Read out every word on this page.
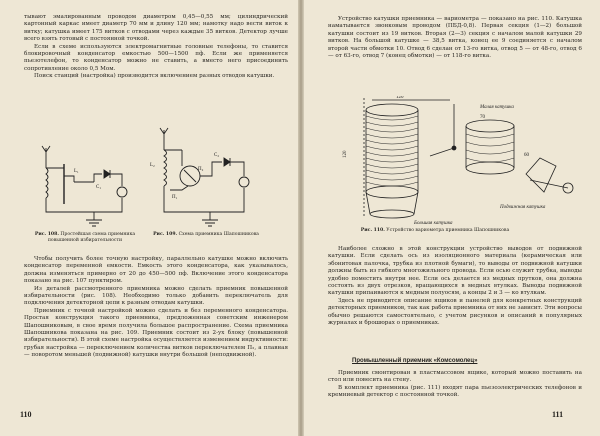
тывают эмалированным проводом диаметром 0,45—0,55 мм; цилиндрический картонный каркас имеет диаметр 70 мм и длину 120 мм; намотку надо вести виток к витку; катушка имеет 175 витков с отводами через каждые 35 витков. Детектор лучше всего взять готовый с постоянной точкой.

Если в схеме используются электромагнитные головные телефоны, то ставится блокировочный конденсатор емкостью 500—1500 пф. Если же применяется пьезотелефон, то конденсатор можно не ставить, а вместо него присоединить сопротивление около 0,5 Мом.

Поиск станций (настройка) производится включением разных отводов катушки.

L₁
C₁
Рис. 108. Простейшая схема приемника повышенной избирательности
П₂
П₁
L₂
C₂
Рис. 109. Схема приемника Шапошникова

Чтобы получить более точную настройку, параллельно катушке можно включить конденсатор переменной емкости. Емкость этого конденсатора, как указывалось, должна изменяться примерно от 20 до 450—500 пф. Включение этого конденсатора показано на рис. 107 пунктиром.

Из деталей рассмотренного приемника можно сделать приемник повышенной избирательности (рис. 108). Необходимо только добавить переключатель для подключения детекторной цепи к разным отводам катушки.

Приемник с точной настройкой можно сделать и без переменного конденсатора. Простая конструкция такого приемника, предложенная советским инженером Шапошниковым, в свое время получила большое распространение. Схема приемника Шапошникова показана на рис. 109. Приемник состоит из 2-ух блоку (повышенной избирательности). В этой схеме настройка осуществляется изменением индуктивности: грубая настройка — переключением количества витков переключателем П₂, а плавная — поворотом меньшей (подвижной) катушки внутри большой (неподвижной).

110

Устройство катушки приемника — вариометра — показано на рис. 110. Катушка наматывается звонковым проводом (ПБД-0,8). Первая секция (1—2) большой катушки состоит из 19 витков. Вторая (2—3) секция с началом малой катушки 29 витков. На большой катушке — 38,5 витка, конец ее 9 соединяется с началом второй части обмотки 10. Отвод 6 сделан от 13-го витка, отвод 5 — от 48-го, отвод 6 — от 63-го, отвод 7 (конец обмотки) — от 118-го витка.

120
120
70
60
Малая катушка
Большая катушка
Подвижная катушка
Рис. 110. Устройство вариометра приемника Шапошникова

Наиболее сложно в этой конструкции устройство выводов от подвижной катушки. Если сделать ось из изоляционного материала (керамическая или эбонитовая палочка, трубка из плотной бумаги), то выводы от подвижной катушки должны быть из гибкого многожильного провода. Если осью служит трубка, выводы удобно поместить внутри нее. Если ось делается из медных прутков, она должна состоять из двух отрезков, вращающихся в медных втулках. Выводы подвижной катушки припаиваются к медным полуосям, а концы 2 и 3 — ко втулкам.

Здесь не приводится описание ящиков и панелей для конкретных конструкций детекторных приемников, так как работа приемника от них не зависит. Эти вопросы обычно решаются самостоятельно, с учетом рисунков и описаний в популярных журналах и брошюрах о приемниках.

Промышленный приемник «Комсомолец»

Приемник смонтирован в пластмассовом ящике, который можно поставить на стол или повесить на стену.

В комплект приемника (рис. 111) входят пара пьезоэлектрических телефонов и кремниевый детектор с постоянной точкой.

111
